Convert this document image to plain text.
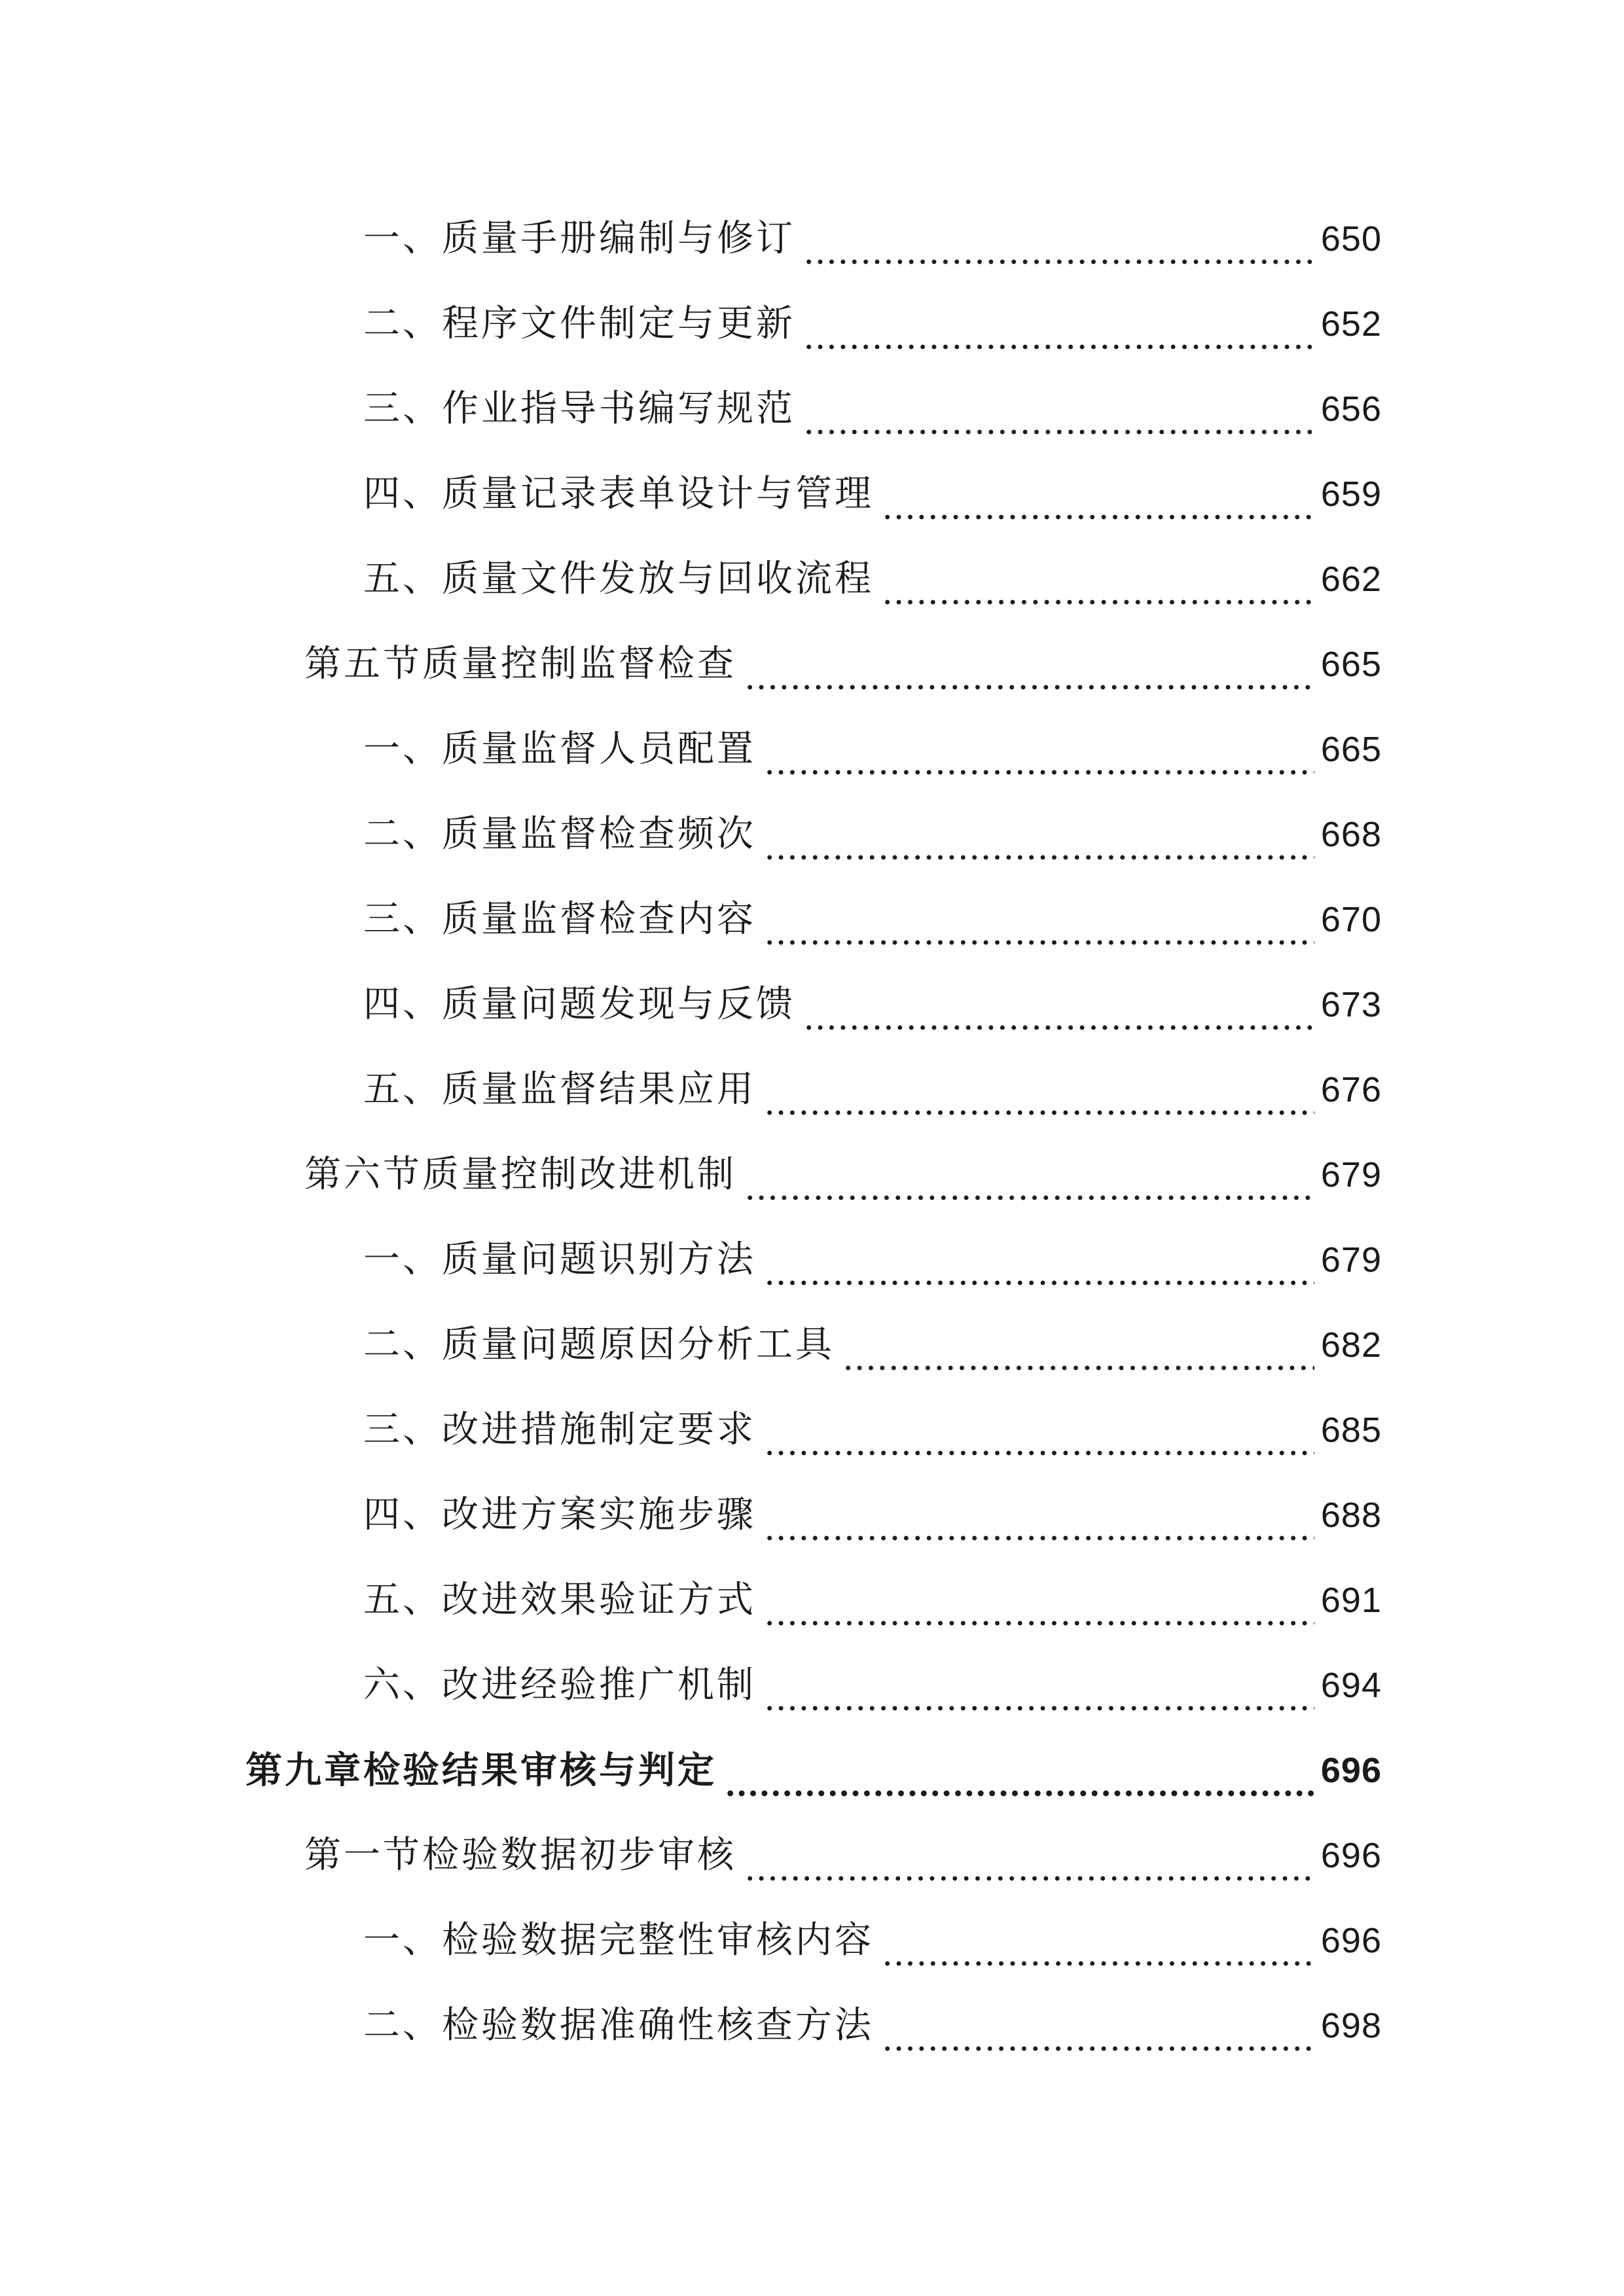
一、质量手册编制与修订	650
二、程序文件制定与更新	652
三、作业指导书编写规范	656
四、质量记录表单设计与管理	659
五、质量文件发放与回收流程	662
第五节质量控制监督检查	665
一、质量监督人员配置	665
二、质量监督检查频次	668
三、质量监督检查内容	670
四、质量问题发现与反馈	673
五、质量监督结果应用	676
第六节质量控制改进机制	679
一、质量问题识别方法	679
二、质量问题原因分析工具	682
三、改进措施制定要求	685
四、改进方案实施步骤	688
五、改进效果验证方式	691
六、改进经验推广机制	694
第九章检验结果审核与判定	696
第一节检验数据初步审核	696
一、检验数据完整性审核内容	696
二、检验数据准确性核查方法	698
